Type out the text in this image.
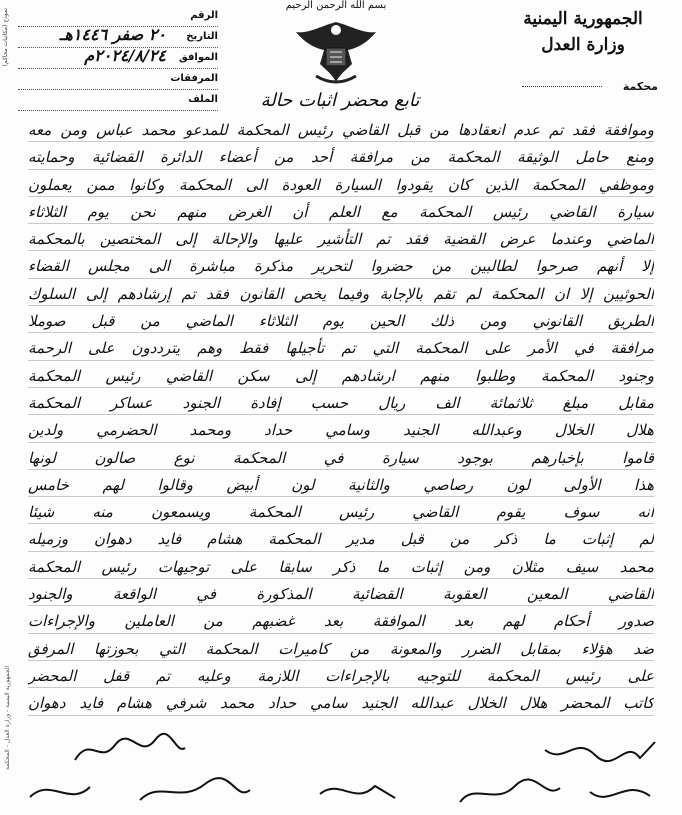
الجمهورية اليمنية
وزارة العدل
محكمة
بسم الله الرحمن الرحيم
الرقم
التاريخ
٢٠ صفر ١٤٤٦هـ
الموافق
٢٠٢٤/٨/٢٤م
المرفقات
الملف
نموذج (مكاتبات محاكم)
تابع محضر اثبات حالة
وموافقة فقد تم عدم انعقادها من قبل القاضي رئيس المحكمة للمدعو محمد عباس ومن معه
ومنع حامل الوثيقة المحكمة من مرافقة أحد من أعضاء الدائرة القضائية وحمايته
وموظفي المحكمة الذين كان يقودوا السيارة العودة الى المحكمة وكانوا ممن يعملون
سيارة القاضي رئيس المحكمة مع العلم أن الغرض منهم نحن يوم الثلاثاء
الماضي وعندما عرض القضية فقد تم التأشير عليها والإحالة إلى المختصين بالمحكمة
إلا أنهم صرحوا لطالبين من حضروا لتحرير مذكرة مباشرة الى مجلس القضاء
الحوثيين إلا ان المحكمة لم تقم بالإجابة وفيما يخص القانون فقد تم إرشادهم إلى السلوك
الطريق القانوني ومن ذلك الحين يوم الثلاثاء الماضي من قبل صوملا
مرافقة في الأمر على المحكمة التي تم تأجيلها فقط وهم يترددون على الرحمة
وجنود المحكمة وطلبوا منهم ارشادهم إلى سكن القاضي رئيس المحكمة
مقابل مبلغ ثلاثمائة الف ريال حسب إفادة الجنود عساكر المحكمة
هلال الخلال وعبدالله الجنيد وسامي حداد ومحمد الحضرمي ولدين
قاموا بإخبارهم بوجود سيارة في المحكمة نوع صالون لونها
هذا الأولى لون رصاصي والثانية لون أبيض وقالوا لهم خامس
أنه سوف يقوم القاضي رئيس المحكمة ويسمعون منه شيئا
لم إثبات ما ذكر من قبل مدير المحكمة هشام فايد دهوان وزميله
محمد سيف مثلان ومن إثبات ما ذكر سابقا على توجيهات رئيس المحكمة
القاضي المعين العقوبة القضائية المذكورة في الواقعة والجنود
صدور أحكام لهم بعد الموافقة بعد غضبهم من العاملين والإجراءات
ضد هؤلاء بمقابل الضرر والمعونة من كاميرات المحكمة التي بحوزتها المرفق
على رئيس المحكمة للتوجيه بالإجراءات اللازمة وعليه تم قفل المحضر
كاتب المحضر هلال الخلال عبدالله الجنيد سامي حداد محمد شرفي هشام فايد دهوان
الجمهورية اليمنية - وزارة العدل - المحكمة
